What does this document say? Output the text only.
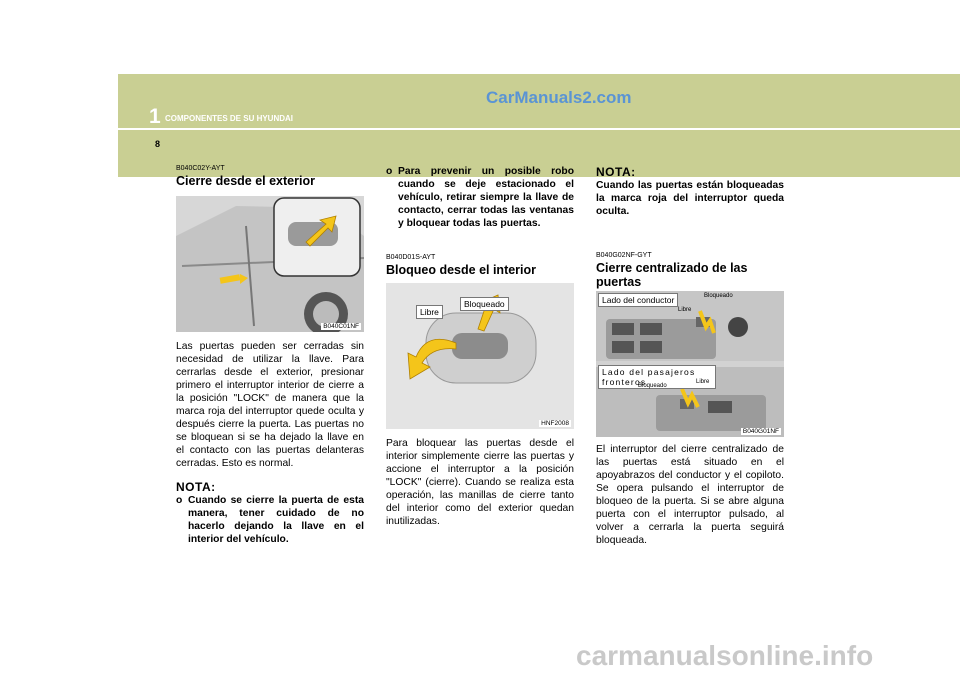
1 COMPONENTES DE SU HYUNDAI
CarManuals2.com
8

B040C02Y-AYT

Cierre desde el exterior
B040C01NF

Las puertas pueden ser cerradas sin necesidad de utilizar la llave. Para cerrarlas desde el exterior, presionar primero el interruptor interior de cierre a la posición "LOCK" de manera que la marca roja del interruptor quede oculta y después cierre la puerta. Las puertas no se bloquean si se ha dejado la llave en el contacto con las puertas delanteras cerradas. Esto es normal.

NOTA:

o Cuando se cierre la puerta de esta manera, tener cuidado de no hacerlo dejando la llave en el interior del vehículo.
o Para prevenir un posible robo cuando se deje estacionado el vehículo, retirar siempre la llave de contacto, cerrar todas las ventanas y bloquear todas las puertas.

B040D01S-AYT

Bloqueo desde el interior
Libre
Bloqueado
HNF2008

Para bloquear las puertas desde el interior simplemente cierre las puertas y accione el interruptor a la posición "LOCK" (cierre). Cuando se realiza esta operación, las manillas de cierre tanto del interior como del exterior quedan inutilizadas.

NOTA:

Cuando las puertas están bloqueadas la marca roja del interruptor queda oculta.

B040G02NF-GYT

Cierre centralizado de las puertas
Lado del conductor	Bloqueado
Libre
Lado del pasajeros fronteros
Bloqueado
Libre
B040G01NF

El interruptor del cierre centralizado de las puertas está situado en el apoyabrazos del conductor y el copiloto. Se opera pulsando el interruptor de bloqueo de la puerta. Si se abre alguna puerta con el interruptor pulsado, al volver a cerrarla la puerta seguirá bloqueada.

carmanualsonline.info
